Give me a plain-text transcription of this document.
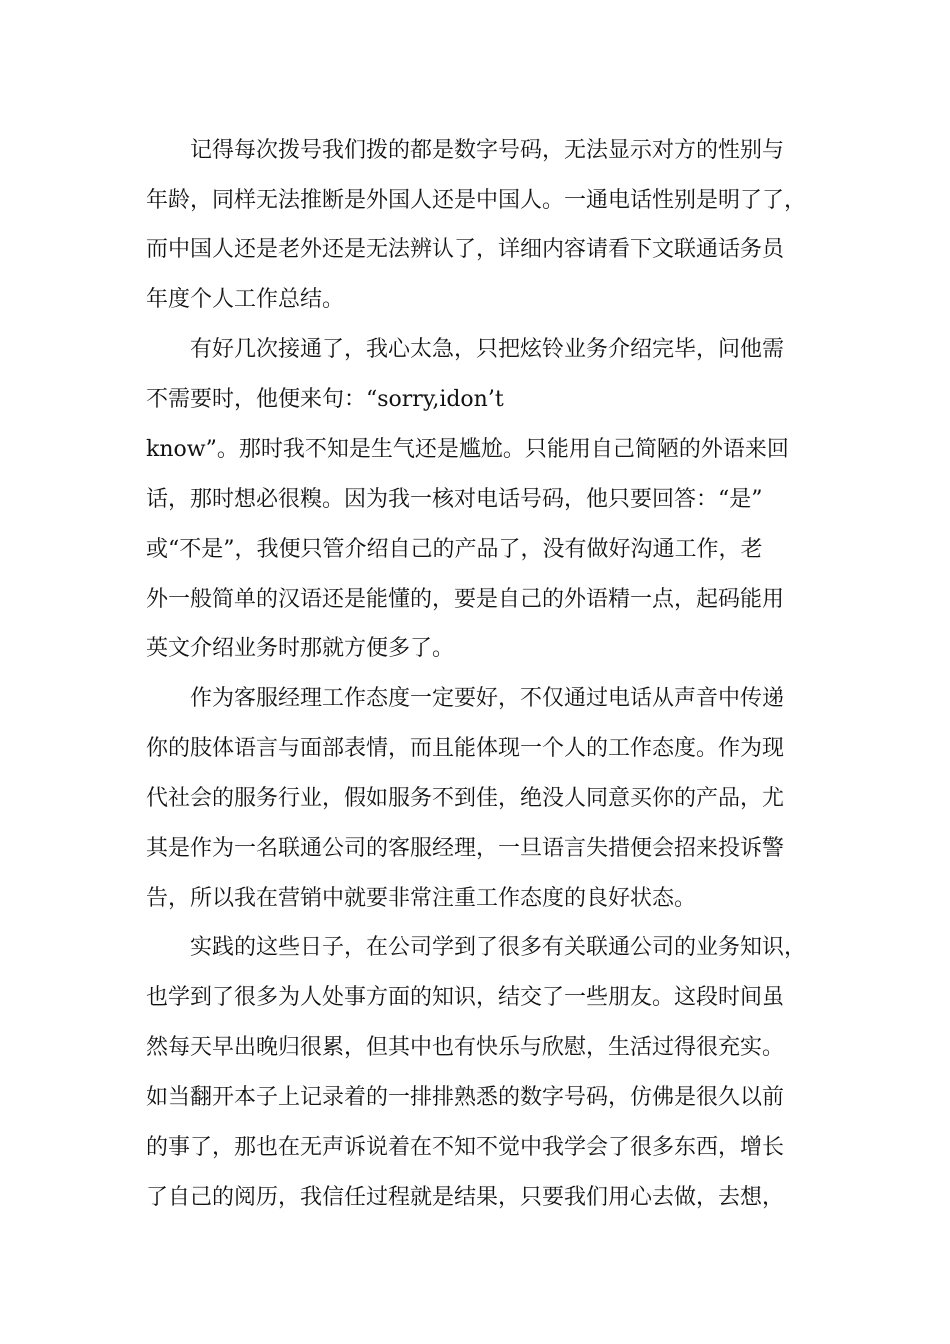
记得每次拨号我们拨的都是数字号码，无法显示对方的性别与
年龄，同样无法推断是外国人还是中国人。一通电话性别是明了了，
而中国人还是老外还是无法辨认了，详细内容请看下文联通话务员
年度个人工作总结。
有好几次接通了，我心太急，只把炫铃业务介绍完毕，问他需
不需要时，他便来句：“sorry,idon’t
know”。那时我不知是生气还是尴尬。只能用自己简陋的外语来回
话，那时想必很糗。因为我一核对电话号码，他只要回答：“是”
或“不是”，我便只管介绍自己的产品了，没有做好沟通工作，老
外一般简单的汉语还是能懂的，要是自己的外语精一点，起码能用
英文介绍业务时那就方便多了。
作为客服经理工作态度一定要好，不仅通过电话从声音中传递
你的肢体语言与面部表情，而且能体现一个人的工作态度。作为现
代社会的服务行业，假如服务不到佳，绝没人同意买你的产品，尤
其是作为一名联通公司的客服经理，一旦语言失措便会招来投诉警
告，所以我在营销中就要非常注重工作态度的良好状态。
实践的这些日子，在公司学到了很多有关联通公司的业务知识，
也学到了很多为人处事方面的知识，结交了一些朋友。这段时间虽
然每天早出晚归很累，但其中也有快乐与欣慰，生活过得很充实。
如当翻开本子上记录着的一排排熟悉的数字号码，仿佛是很久以前
的事了，那也在无声诉说着在不知不觉中我学会了很多东西，增长
了自己的阅历，我信任过程就是结果，只要我们用心去做，去想，
